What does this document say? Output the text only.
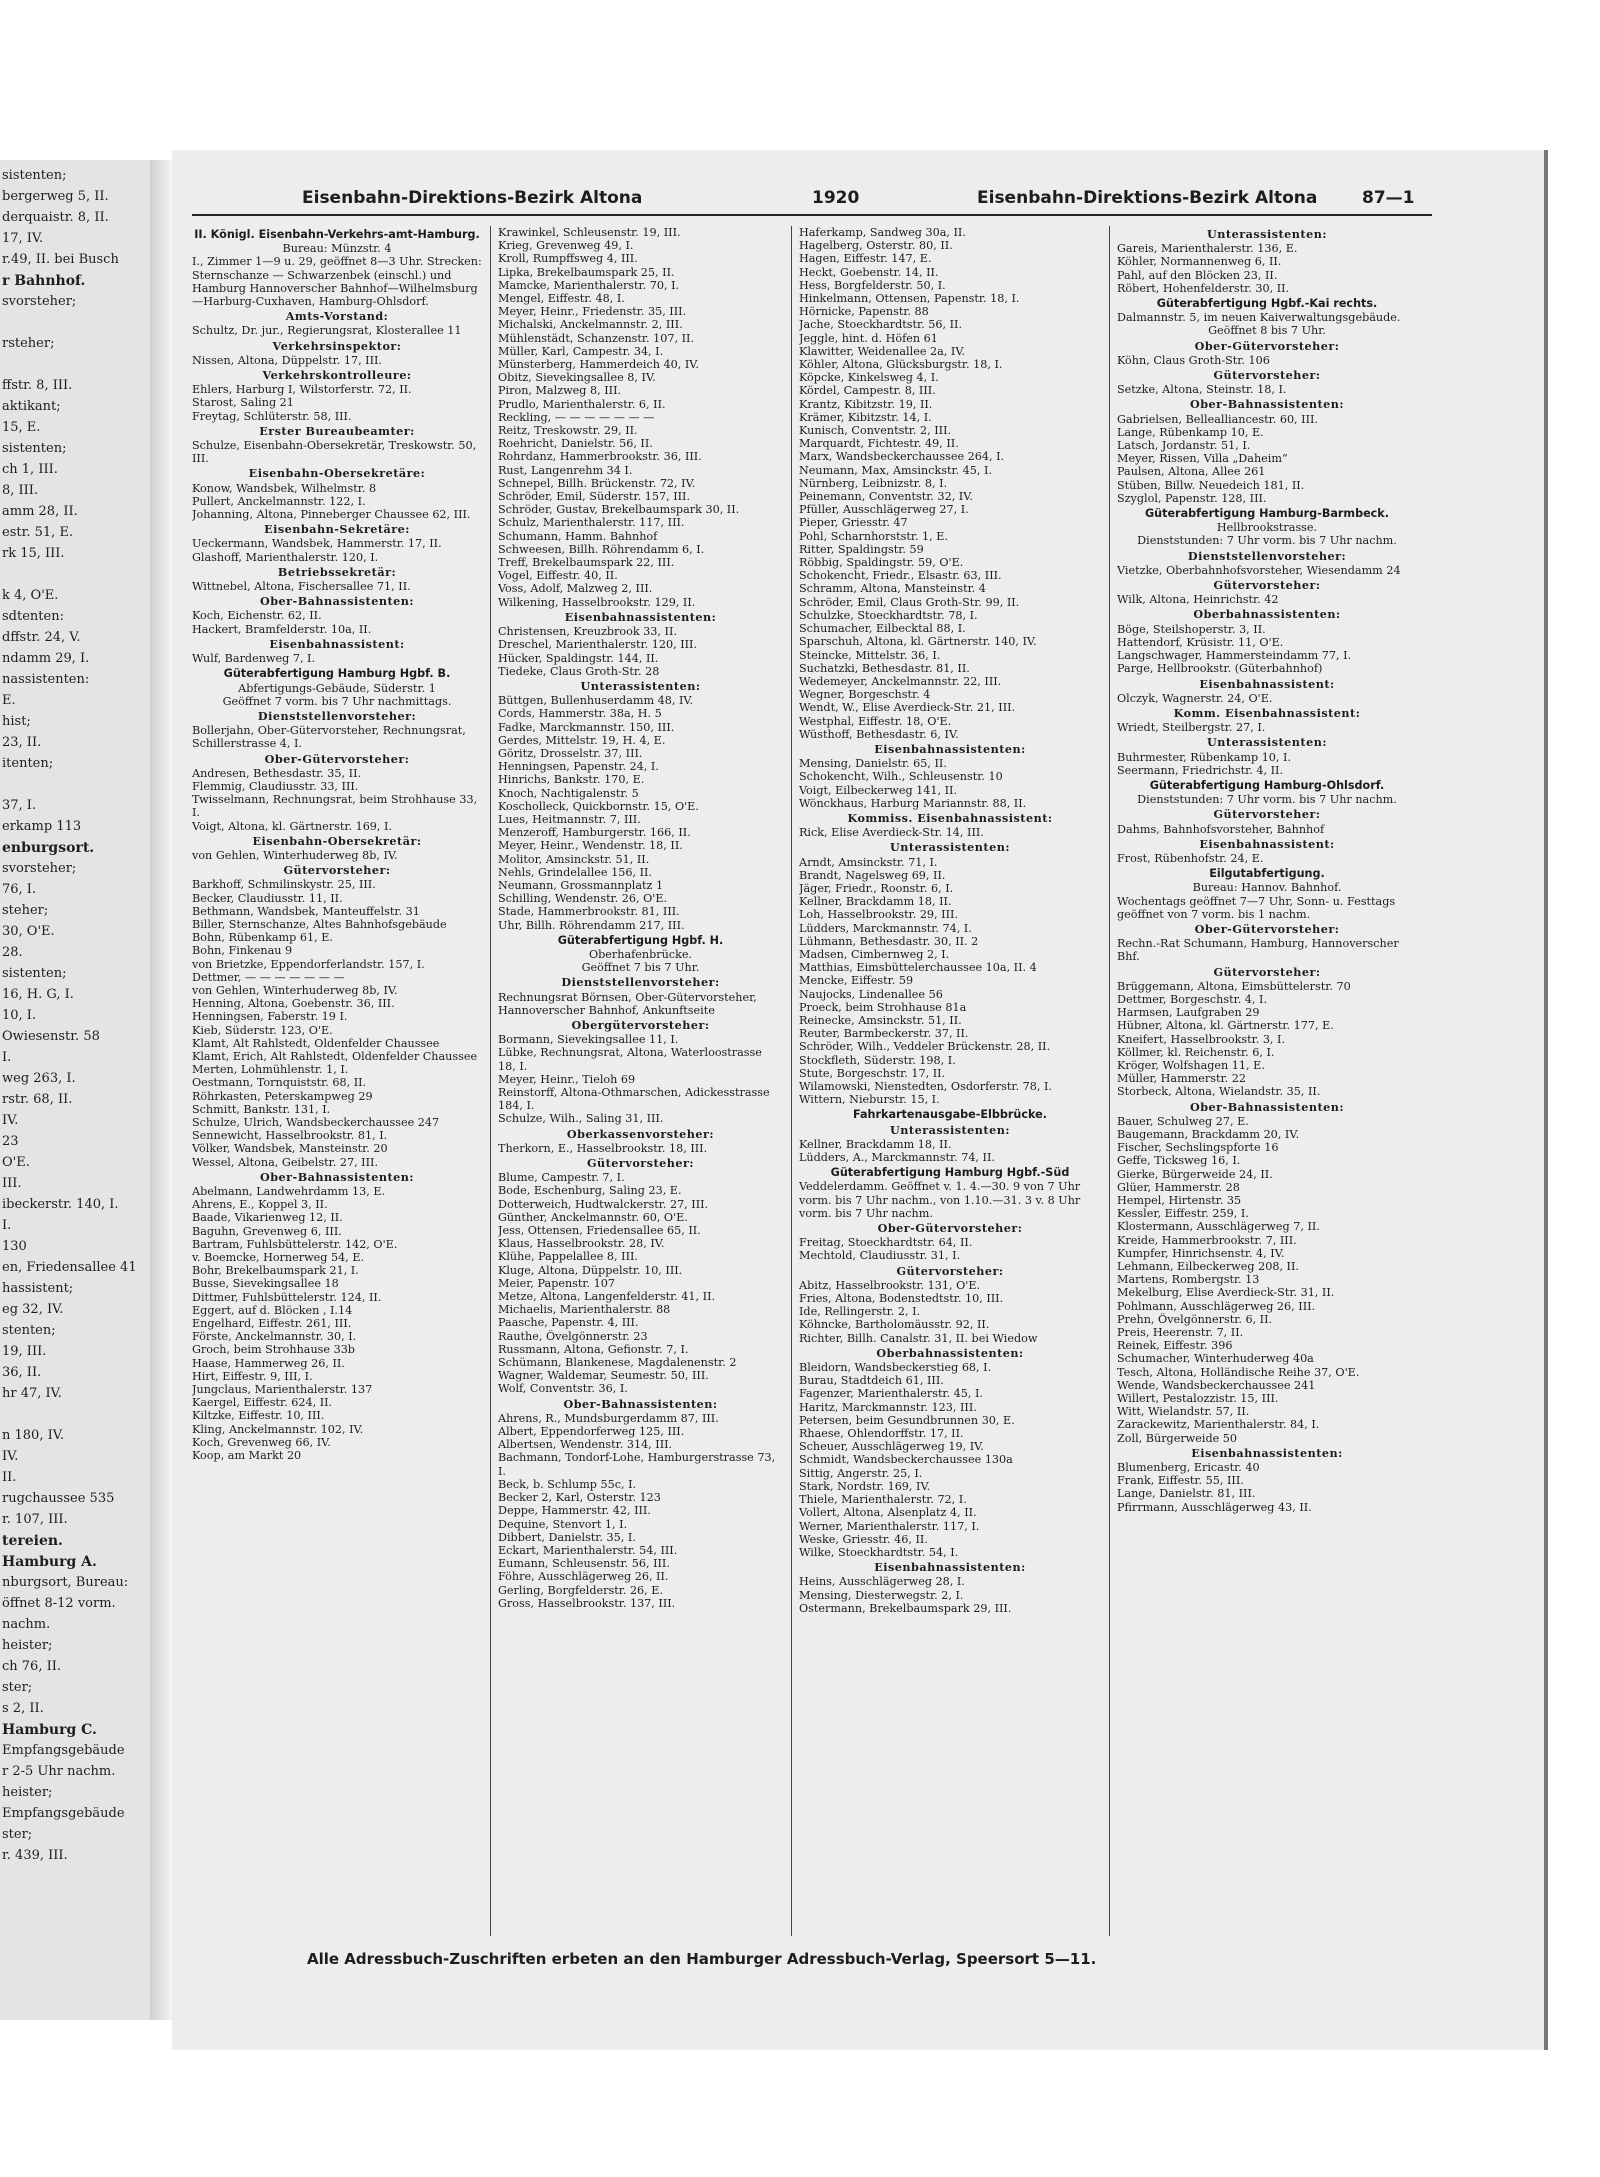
sistenten;
bergerweg 5, II.
derquaistr. 8, II.
17, IV.
r.49, II. bei Busch
r Bahnhof.
svorsteher;
rsteher;
ffstr. 8, III.
aktikant;
15, E.
sistenten;
ch 1, III.
8, III.
amm 28, II.
estr. 51, E.
rk 15, III.
k 4, O'E.
sdtenten:
dffstr. 24, V.
ndamm 29, I.
nassistenten:
E.
hist;
23, II.
itenten;
37, I.
erkamp 113
enburgsort.
svorsteher;
76, I.
steher;
30, O'E.
28.
sistenten;
16, H. G, I.
10, I.
Owiesenstr. 58
I.
weg 263, I.
rstr. 68, II.
IV.
23
O'E.
III.
ibeckerstr. 140, I.
I.
130
en, Friedensallee 41
hassistent;
eg 32, IV.
stenten;
19, III.
36, II.
hr 47, IV.
n 180, IV.
IV.
II.
rugchaussee 535
r. 107, III.
tereien.
Hamburg A.
nburgsort, Bureau:
öffnet 8-12 vorm.
nachm.
heister;
ch 76, II.
ster;
s 2, II.
Hamburg C.
Empfangsgebäude
r 2-5 Uhr nachm.
heister;
Empfangsgebäude
ster;
r. 439, III.
Eisenbahn-Direktions-Bezirk Altona	1920	Eisenbahn-Direktions-Bezirk Altona	87—1
II. Königl. Eisenbahn-Verkehrs-amt-Hamburg.
Bureau: Münzstr. 4
I., Zimmer 1—9 u. 29, geöffnet 8—3 Uhr. Strecken: Sternschanze — Schwarzenbek (einschl.) und Hamburg Hannoverscher Bahnhof—Wilhelmsburg—Harburg-Cuxhaven, Hamburg-Ohlsdorf.
Amts-Vorstand:
Schultz, Dr. jur., Regierungsrat, Klosterallee 11
Verkehrsinspektor:
Nissen, Altona, Düppelstr. 17, III.
Verkehrskontrolleure:
Ehlers, Harburg I, Wilstorferstr. 72, II.
Starost, Saling 21
Freytag, Schlüterstr. 58, III.
Erster Bureaubeamter:
Schulze, Eisenbahn-Obersekretär, Treskowstr. 50, III.
Eisenbahn-Obersekretäre:
Konow, Wandsbek, Wilhelmstr. 8
Pullert, Anckelmannstr. 122, I.
Johanning, Altona, Pinneberger Chaussee 62, III.
Eisenbahn-Sekretäre:
Ueckermann, Wandsbek, Hammerstr. 17, II.
Glashoff, Marienthalerstr. 120, I.
Betriebssekretär:
Wittnebel, Altona, Fischersallee 71, II.
Ober-Bahnassistenten:
Koch, Eichenstr. 62, II.
Hackert, Bramfelderstr. 10a, II.
Eisenbahnassistent:
Wulf, Bardenweg 7, I.
Güterabfertigung Hamburg Hgbf. B.
Abfertigungs-Gebäude, Süderstr. 1
Geöffnet 7 vorm. bis 7 Uhr nachmittags.
Dienststellenvorsteher:
Bollerjahn, Ober-Gütervorsteher, Rechnungsrat, Schillerstrasse 4, I.
Ober-Gütervorsteher:
Andresen, Bethesdastr. 35, II.
Flemmig, Claudiusstr. 33, III.
Twisselmann, Rechnungsrat, beim Strohhause 33, I.
Voigt, Altona, kl. Gärtnerstr. 169, I.
Eisenbahn-Obersekretär:
von Gehlen, Winterhuderweg 8b, IV.
Gütervorsteher:
Barkhoff, Schmilinskystr. 25, III.
Becker, Claudiusstr. 11, II.
Bethmann, Wandsbek, Manteuffelstr. 31
Biller, Sternschanze, Altes Bahnhofsgebäude
Bohn, Rübenkamp 61, E.
Bohn, Finkenau 9
von Brietzke, Eppendorferlandstr. 157, I.
Dettmer, — — — — — — —
von Gehlen, Winterhuderweg 8b, IV.
Henning, Altona, Goebenstr. 36, III.
Henningsen, Faberstr. 19 I.
Kieb, Süderstr. 123, O'E.
Klamt, Alt Rahlstedt, Oldenfelder Chaussee
Klamt, Erich, Alt Rahlstedt, Oldenfelder Chaussee
Merten, Lohmühlenstr. 1, I.
Oestmann, Tornquiststr. 68, II.
Röhrkasten, Peterskampweg 29
Schmitt, Bankstr. 131, I.
Schulze, Ulrich, Wandsbeckerchaussee 247
Sennewicht, Hasselbrookstr. 81, I.
Völker, Wandsbek, Mansteinstr. 20
Wessel, Altona, Geibelstr. 27, III.
Ober-Bahnassistenten:
Abelmann, Landwehrdamm 13, E.
Ahrens, E., Koppel 3, II.
Baade, Vikarienweg 12, II.
Baguhn, Grevenweg 6, III.
Bartram, Fuhlsbüttelerstr. 142, O'E.
v. Boemcke, Hornerweg 54, E.
Bohr, Brekelbaumspark 21, I.
Busse, Sievekingsallee 18
Dittmer, Fuhlsbüttelerstr. 124, II.
Eggert, auf d. Blöcken , I.14
Engelhard, Eiffestr. 261, III.
Förste, Anckelmannstr. 30, I.
Groch, beim Strohhause 33b
Haase, Hammerweg 26, II.
Hirt, Eiffestr. 9, III, I.
Jungclaus, Marienthalerstr. 137
Kaergel, Eiffestr. 624, II.
Kiltzke, Eiffestr. 10, III.
Kling, Anckelmannstr. 102, IV.
Koch, Grevenweg 66, IV.
Koop, am Markt 20
Krawinkel, Schleusenstr. 19, III.
Krieg, Grevenweg 49, I.
Kroll, Rumpffsweg 4, III.
Lipka, Brekelbaumspark 25, II.
Mamcke, Marienthalerstr. 70, I.
Mengel, Eiffestr. 48, I.
Meyer, Heinr., Friedenstr. 35, III.
Michalski, Anckelmannstr. 2, III.
Mühlenstädt, Schanzenstr. 107, II.
Müller, Karl, Campestr. 34, I.
Münsterberg, Hammerdeich 40, IV.
Obitz, Sievekingsallee 8, IV.
Piron, Malzweg 8, III.
Prudlo, Marienthalerstr. 6, II.
Reckling, — — — — — — —
Reitz, Treskowstr. 29, II.
Roehricht, Danielstr. 56, II.
Rohrdanz, Hammerbrookstr. 36, III.
Rust, Langenrehm 34 I.
Schnepel, Billh. Brückenstr. 72, IV.
Schröder, Emil, Süderstr. 157, III.
Schröder, Gustav, Brekelbaumspark 30, II.
Schulz, Marienthalerstr. 117, III.
Schumann, Hamm. Bahnhof
Schweesen, Billh. Röhrendamm 6, I.
Treff, Brekelbaumspark 22, III.
Vogel, Eiffestr. 40, II.
Voss, Adolf, Malzweg 2, III.
Wilkening, Hasselbrookstr. 129, II.
Eisenbahnassistenten:
Christensen, Kreuzbrook 33, II.
Dreschel, Marienthalerstr. 120, III.
Hücker, Spaldingstr. 144, II.
Tiedeke, Claus Groth-Str. 28
Unterassistenten:
Büttgen, Bullenhuserdamm 48, IV.
Cords, Hammerstr. 38a, H. 5
Fadke, Marckmannstr. 150, III.
Gerdes, Mittelstr. 19, H. 4, E.
Göritz, Drosselstr. 37, III.
Henningsen, Papenstr. 24, I.
Hinrichs, Bankstr. 170, E.
Knoch, Nachtigalenstr. 5
Koscholleck, Quickbornstr. 15, O'E.
Lues, Heitmannstr. 7, III.
Menzeroff, Hamburgerstr. 166, II.
Meyer, Heinr., Wendenstr. 18, II.
Molitor, Amsinckstr. 51, II.
Nehls, Grindelallee 156, II.
Neumann, Grossmannplatz 1
Schilling, Wendenstr. 26, O'E.
Stade, Hammerbrookstr. 81, III.
Uhr, Billh. Röhrendamm 217, III.
Güterabfertigung Hgbf. H.
Oberhafenbrücke.
Geöffnet 7 bis 7 Uhr.
Dienststellenvorsteher:
Rechnungsrat Börnsen, Ober-Gütervorsteher, Hannoverscher Bahnhof, Ankunftseite
Obergütervorsteher:
Bormann, Sievekingsallee 11, I.
Lübke, Rechnungsrat, Altona, Waterloostrasse 18, I.
Meyer, Heinr., Tieloh 69
Reinstorff, Altona-Othmarschen, Adickesstrasse 184, I.
Schulze, Wilh., Saling 31, III.
Oberkassenvorsteher:
Therkorn, E., Hasselbrookstr. 18, III.
Gütervorsteher:
Blume, Campestr. 7, I.
Bode, Eschenburg, Saling 23, E.
Dotterweich, Hudtwalckerstr. 27, III.
Günther, Anckelmannstr. 60, O'E.
Jess, Ottensen, Friedensallee 65, II.
Klaus, Hasselbrookstr. 28, IV.
Klühe, Pappelallee 8, III.
Kluge, Altona, Düppelstr. 10, III.
Meier, Papenstr. 107
Metze, Altona, Langenfelderstr. 41, II.
Michaelis, Marienthalerstr. 88
Paasche, Papenstr. 4, III.
Rauthe, Övelgönnerstr. 23
Russmann, Altona, Gefionstr. 7, I.
Schümann, Blankenese, Magdalenenstr. 2
Wagner, Waldemar, Seumestr. 50, III.
Wolf, Conventstr. 36, I.
Ober-Bahnassistenten:
Ahrens, R., Mundsburgerdamm 87, III.
Albert, Eppendorferweg 125, III.
Albertsen, Wendenstr. 314, III.
Bachmann, Tondorf-Lohe, Hamburgerstrasse 73, I.
Beck, b. Schlump 55c, I.
Becker 2, Karl, Osterstr. 123
Deppe, Hammerstr. 42, III.
Dequine, Stenvort 1, I.
Dibbert, Danielstr. 35, I.
Eckart, Marienthalerstr. 54, III.
Eumann, Schleusenstr. 56, III.
Föhre, Ausschlägerweg 26, II.
Gerling, Borgfelderstr. 26, E.
Gross, Hasselbrookstr. 137, III.
Haferkamp, Sandweg 30a, II.
Hagelberg, Osterstr. 80, II.
Hagen, Eiffestr. 147, E.
Heckt, Goebenstr. 14, II.
Hess, Borgfelderstr. 50, I.
Hinkelmann, Ottensen, Papenstr. 18, I.
Hörnicke, Papenstr. 88
Jache, Stoeckhardtstr. 56, II.
Jeggle, hint. d. Höfen 61
Klawitter, Weidenallee 2a, IV.
Köhler, Altona, Glücksburgstr. 18, I.
Köpcke, Kinkelsweg 4, I.
Kördel, Campestr. 8, III.
Krantz, Kibitzstr. 19, II.
Krämer, Kibitzstr. 14, I.
Kunisch, Conventstr. 2, III.
Marquardt, Fichtestr. 49, II.
Marx, Wandsbeckerchaussee 264, I.
Neumann, Max, Amsinckstr. 45, I.
Nürnberg, Leibnizstr. 8, I.
Peinemann, Conventstr. 32, IV.
Pfüller, Ausschlägerweg 27, I.
Pieper, Griesstr. 47
Pohl, Scharnhorststr. 1, E.
Ritter, Spaldingstr. 59
Röbbig, Spaldingstr. 59, O'E.
Schokencht, Friedr., Elsastr. 63, III.
Schramm, Altona, Mansteinstr. 4
Schröder, Emil, Claus Groth-Str. 99, II.
Schulzke, Stoeckhardtstr. 78, I.
Schumacher, Eilbecktal 88, I.
Sparschuh, Altona, kl. Gärtnerstr. 140, IV.
Steincke, Mittelstr. 36, I.
Suchatzki, Bethesdastr. 81, II.
Wedemeyer, Anckelmannstr. 22, III.
Wegner, Borgeschstr. 4
Wendt, W., Elise Averdieck-Str. 21, III.
Westphal, Eiffestr. 18, O'E.
Wüsthoff, Bethesdastr. 6, IV.
Eisenbahnassistenten:
Mensing, Danielstr. 65, II.
Schokencht, Wilh., Schleusenstr. 10
Voigt, Eilbeckerweg 141, II.
Wönckhaus, Harburg Mariannstr. 88, II.
Kommiss. Eisenbahnassistent:
Rick, Elise Averdieck-Str. 14, III.
Unterassistenten:
Arndt, Amsinckstr. 71, I.
Brandt, Nagelsweg 69, II.
Jäger, Friedr., Roonstr. 6, I.
Kellner, Brackdamm 18, II.
Loh, Hasselbrookstr. 29, III.
Lüdders, Marckmannstr. 74, I.
Lühmann, Bethesdastr. 30, II. 2
Madsen, Cimbernweg 2, I.
Matthias, Eimsbüttelerchaussee 10a, II. 4
Mencke, Eiffestr. 59
Naujocks, Lindenallee 56
Proeck, beim Strohhause 81a
Reinecke, Amsinckstr. 51, II.
Reuter, Barmbeckerstr. 37, II.
Schröder, Wilh., Veddeler Brückenstr. 28, II.
Stockfleth, Süderstr. 198, I.
Stute, Borgeschstr. 17, II.
Wilamowski, Nienstedten, Osdorferstr. 78, I.
Wittern, Nieburstr. 15, I.
Fahrkartenausgabe-Elbbrücke.
Unterassistenten:
Kellner, Brackdamm 18, II.
Lüdders, A., Marckmannstr. 74, II.
Güterabfertigung Hamburg Hgbf.-Süd
Veddelerdamm. Geöffnet v. 1. 4.—30. 9 von 7 Uhr vorm. bis 7 Uhr nachm., von 1.10.—31. 3 v. 8 Uhr vorm. bis 7 Uhr nachm.
Ober-Gütervorsteher:
Freitag, Stoeckhardtstr. 64, II.
Mechtold, Claudiusstr. 31, I.
Gütervorsteher:
Abitz, Hasselbrookstr. 131, O'E.
Fries, Altona, Bodenstedtstr. 10, III.
Ide, Rellingerstr. 2, I.
Köhncke, Bartholomäusstr. 92, II.
Richter, Billh. Canalstr. 31, II. bei Wiedow
Oberbahnassistenten:
Bleidorn, Wandsbeckerstieg 68, I.
Burau, Stadtdeich 61, III.
Fagenzer, Marienthalerstr. 45, I.
Haritz, Marckmannstr. 123, III.
Petersen, beim Gesundbrunnen 30, E.
Rhaese, Ohlendorffstr. 17, II.
Scheuer, Ausschlägerweg 19, IV.
Schmidt, Wandsbeckerchaussee 130a
Sittig, Angerstr. 25, I.
Stark, Nordstr. 169, IV.
Thiele, Marienthalerstr. 72, I.
Vollert, Altona, Alsenplatz 4, II.
Werner, Marienthalerstr. 117, I.
Weske, Griesstr. 46, II.
Wilke, Stoeckhardtstr. 54, I.
Eisenbahnassistenten:
Heins, Ausschlägerweg 28, I.
Mensing, Diesterwegstr. 2, I.
Ostermann, Brekelbaumspark 29, III.
Unterassistenten:
Gareis, Marienthalerstr. 136, E.
Köhler, Normannenweg 6, II.
Pahl, auf den Blöcken 23, II.
Röbert, Hohenfelderstr. 30, II.
Güterabfertigung Hgbf.-Kai rechts.
Dalmannstr. 5, im neuen Kaiverwaltungsgebäude.
Geöffnet 8 bis 7 Uhr.
Ober-Gütervorsteher:
Köhn, Claus Groth-Str. 106
Gütervorsteher:
Setzke, Altona, Steinstr. 18, I.
Ober-Bahnassistenten:
Gabrielsen, Bellealliancestr. 60, III.
Lange, Rübenkamp 10, E.
Latsch, Jordanstr. 51, I.
Meyer, Rissen, Villa „Daheim“
Paulsen, Altona, Allee 261
Stüben, Billw. Neuedeich 181, II.
Szyglol, Papenstr. 128, III.
Güterabfertigung Hamburg-Barmbeck.
Hellbrookstrasse.
Dienststunden: 7 Uhr vorm. bis 7 Uhr nachm.
Dienststellenvorsteher:
Vietzke, Oberbahnhofsvorsteher, Wiesendamm 24
Gütervorsteher:
Wilk, Altona, Heinrichstr. 42
Oberbahnassistenten:
Böge, Steilshoperstr. 3, II.
Hattendorf, Krüsistr. 11, O'E.
Langschwager, Hammersteindamm 77, I.
Parge, Hellbrookstr. (Güterbahnhof)
Eisenbahnassistent:
Olczyk, Wagnerstr. 24, O'E.
Komm. Eisenbahnassistent:
Wriedt, Steilbergstr. 27, I.
Unterassistenten:
Buhrmester, Rübenkamp 10, I.
Seermann, Friedrichstr. 4, II.
Güterabfertigung Hamburg-Ohlsdorf.
Dienststunden: 7 Uhr vorm. bis 7 Uhr nachm.
Gütervorsteher:
Dahms, Bahnhofsvorsteher, Bahnhof
Eisenbahnassistent:
Frost, Rübenhofstr. 24, E.
Eilgutabfertigung.
Bureau: Hannov. Bahnhof.
Wochentags geöffnet 7—7 Uhr, Sonn- u. Festtags geöffnet von 7 vorm. bis 1 nachm.
Ober-Gütervorsteher:
Rechn.-Rat Schumann, Hamburg, Hannoverscher Bhf.
Gütervorsteher:
Brüggemann, Altona, Eimsbüttelerstr. 70
Dettmer, Borgeschstr. 4, I.
Harmsen, Laufgraben 29
Hübner, Altona, kl. Gärtnerstr. 177, E.
Kneifert, Hasselbrookstr. 3, I.
Köllmer, kl. Reichenstr. 6, I.
Kröger, Wolfshagen 11, E.
Müller, Hammerstr. 22
Storbeck, Altona, Wielandstr. 35, II.
Ober-Bahnassistenten:
Bauer, Schulweg 27, E.
Baugemann, Brackdamm 20, IV.
Fischer, Sechslingspforte 16
Geffe, Ticksweg 16, I.
Gierke, Bürgerweide 24, II.
Glüer, Hammerstr. 28
Hempel, Hirtenstr. 35
Kessler, Eiffestr. 259, I.
Klostermann, Ausschlägerweg 7, II.
Kreide, Hammerbrookstr. 7, III.
Kumpfer, Hinrichsenstr. 4, IV.
Lehmann, Eilbeckerweg 208, II.
Martens, Rombergstr. 13
Mekelburg, Elise Averdieck-Str. 31, II.
Pohlmann, Ausschlägerweg 26, III.
Prehn, Övelgönnerstr. 6, II.
Preis, Heerenstr. 7, II.
Reinek, Eiffestr. 396
Schumacher, Winterhuderweg 40a
Tesch, Altona, Holländische Reihe 37, O'E.
Wende, Wandsbeckerchaussee 241
Willert, Pestalozzistr. 15, III.
Witt, Wielandstr. 57, II.
Zarackewitz, Marienthalerstr. 84, I.
Zoll, Bürgerweide 50
Eisenbahnassistenten:
Blumenberg, Ericastr. 40
Frank, Eiffestr. 55, III.
Lange, Danielstr. 81, III.
Pfirrmann, Ausschlägerweg 43, II.
Alle Adressbuch-Zuschriften erbeten an den Hamburger Adressbuch-Verlag, Speersort 5—11.
